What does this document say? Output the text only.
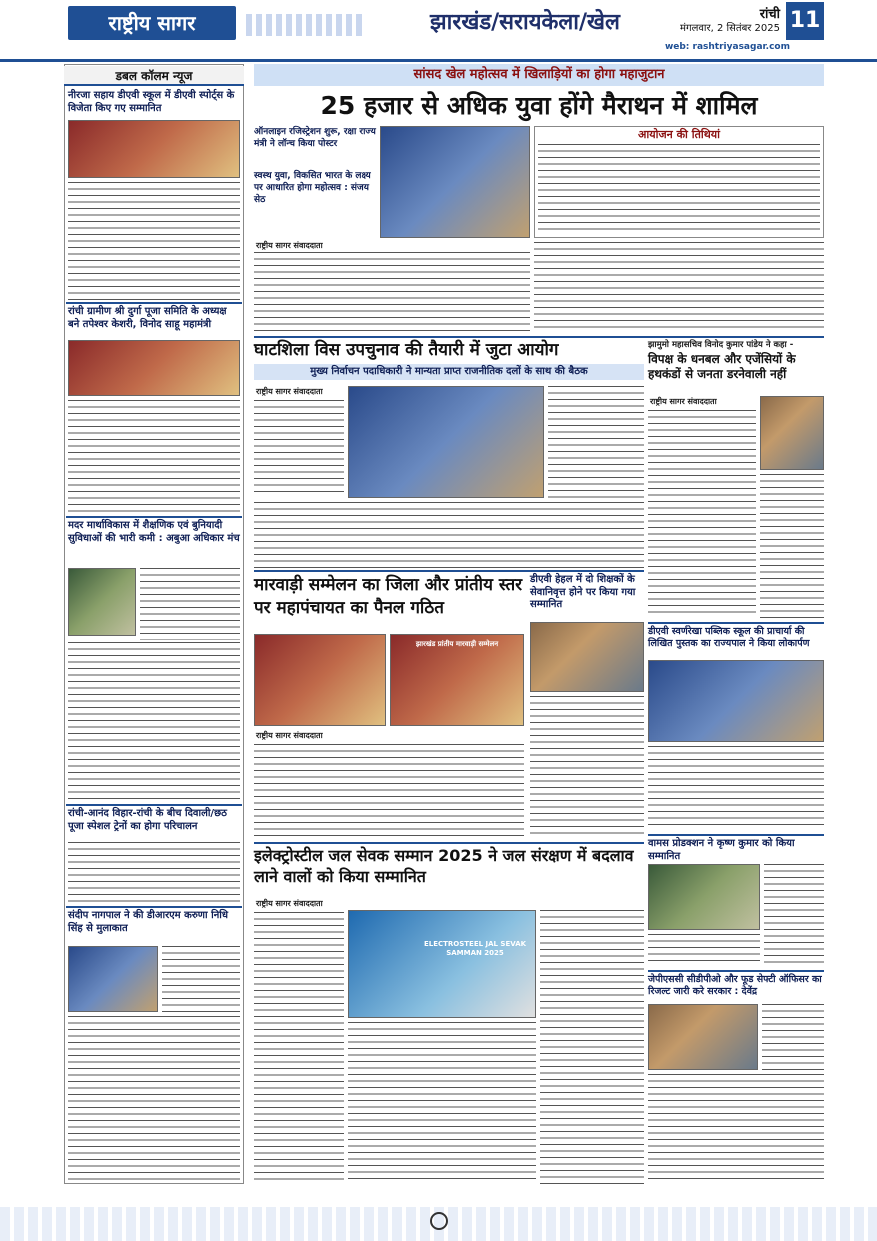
राष्ट्रीय सागर	झारखंड/सरायकेला/खेल	रांची
मंगलवार, 2 सितंबर 2025 11
web: rashtriyasagar.com
डबल कॉलम न्यूज
नीरजा सहाय डीएवी स्कूल में डीएवी स्पोर्ट्स के विजेता किए गए सम्मानित
रांची ग्रामीण श्री दुर्गा पूजा समिति के अध्यक्ष बने तपेश्वर केशरी, विनोद साहू महामंत्री
मदर मार्थाविकास में शैक्षणिक एवं बुनियादी सुविधाओं की भारी कमी : अबुआ अधिकार मंच
रांची-आनंद विहार-रांची के बीच दिवाली/छठ पूजा स्पेशल ट्रेनों का होगा परिचालन
संदीप नागपाल ने की डीआरएम करुणा निधि सिंह से मुलाकात
सांसद खेल महोत्सव में खिलाड़ियों का होगा महाजुटान
25 हजार से अधिक युवा होंगे मैराथन में शामिल
ऑनलाइन रजिस्ट्रेशन शुरू, रक्षा राज्य मंत्री ने लॉन्च किया पोस्टर
स्वस्थ युवा, विकसित भारत के लक्ष्य पर आधारित होगा महोत्सव : संजय सेठ
राष्ट्रीय सागर संवाददाता
आयोजन की तिथियां
घाटशिला विस उपचुनाव की तैयारी में जुटा आयोग
मुख्य निर्वाचन पदाधिकारी ने मान्यता प्राप्त राजनीतिक दलों के साथ की बैठक
राष्ट्रीय सागर संवाददाता
झामुमो महासचिव विनोद कुमार पांडेय ने कहा -
विपक्ष के धनबल और एजेंसियों के हथकंडों से जनता डरनेवाली नहीं
राष्ट्रीय सागर संवाददाता
मारवाड़ी सम्मेलन का जिला और प्रांतीय स्तर पर महापंचायत का पैनल गठित
झारखंड प्रांतीय मारवाड़ी सम्मेलन
राष्ट्रीय सागर संवाददाता
डीएवी हेहल में दो शिक्षकों के सेवानिवृत्त होने पर किया गया सम्मानित
डीएवी स्वर्णरेखा पब्लिक स्कूल की प्राचार्या की लिखित पुस्तक का राज्यपाल ने किया लोकार्पण
वामस प्रोडक्शन ने कृष्ण कुमार को किया सम्मानित
जेपीएससी सीडीपीओ और फूड सेफ्टी ऑफिसर का रिजल्ट जारी करे सरकार : देवेंद्र
इलेक्ट्रोस्टील जल सेवक सम्मान 2025 ने जल संरक्षण में बदलाव लाने वालों को किया सम्मानित
राष्ट्रीय सागर संवाददाता
ELECTROSTEEL JAL SEVAK SAMMAN 2025
